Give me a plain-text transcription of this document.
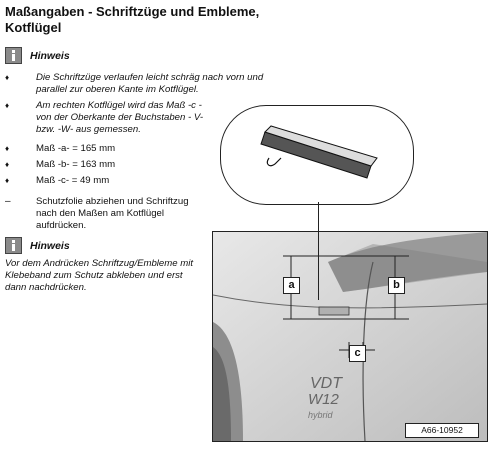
Maßangaben - Schriftzüge und Embleme, Kotflügel
Hinweis
♦	Die Schriftzüge verlaufen leicht schräg nach vorn und parallel zur oberen Kante im Kotflügel.
♦	Am rechten Kotflügel wird das Maß -c - von der Oberkante der Buchstaben - V- bzw. -W- aus gemessen.
♦	Maß -a- = 165 mm
♦	Maß -b- = 163 mm
♦	Maß -c- = 49 mm
–	Schutzfolie abziehen und Schriftzug nach den Maßen am Kotflügel aufdrücken.
Hinweis
Vor dem Andrücken Schriftzug/Embleme mit Klebeband zum Schutz abkleben und erst dann nachdrücken.	a	b
c
VDT
W12
hybrid
A66-10952
